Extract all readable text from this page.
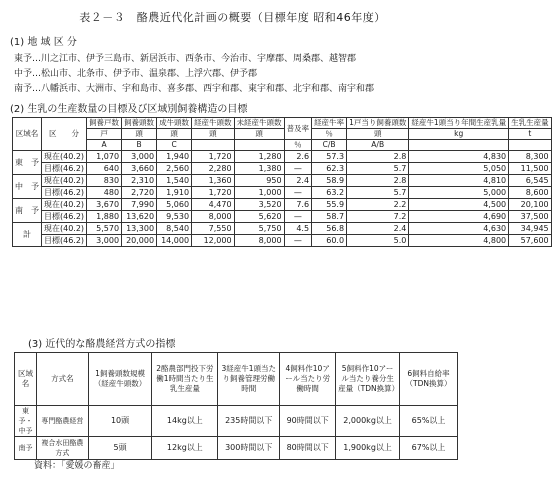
表２－３　酪農近代化計画の概要（目標年度 昭和46年度）
(1) 地 域 区 分
東予…川之江市、伊予三島市、新居浜市、西条市、今治市、宇摩郡、周桑郡、越智郡
中予…松山市、北条市、伊予市、温泉郡、上浮穴郡、伊予郡
南予…八幡浜市、大洲市、宇和島市、喜多郡、西宇和郡、東宇和郡、北宇和郡、南宇和郡
(2) 生乳の生産数量の目標及び区域別飼養構造の目標
区域名	区　　分	飼養戸数	飼養頭数	成牛頭数	経産牛頭数	未経産牛頭数	普及率	経産牛率	1戸当り飼養頭数	経産牛1頭当り年間生産乳量	生乳生産量
		戸	頭	頭	頭	頭		％	頭	kg	t
		A	B	C			％	C/B	A/B		
東　予	現在(40.2)	1,070	3,000	1,940	1,720	1,280	2.6	57.3	2.8	4,830	8,300
	目標(46.2)	640	3,660	2,560	2,280	1,380	—	62.3	5.7	5,050	11,500
中　予	現在(40.2)	830	2,310	1,540	1,360	950	2.4	58.9	2.8	4,810	6,545
	目標(46.2)	480	2,720	1,910	1,720	1,000	—	63.2	5.7	5,000	8,600
南　予	現在(40.2)	3,670	7,990	5,060	4,470	3,520	7.6	55.9	2.2	4,500	20,100
	目標(46.2)	1,880	13,620	9,530	8,000	5,620	—	58.7	7.2	4,690	37,500
計	現在(40.2)	5,570	13,300	8,540	7,550	5,750	4.5	56.8	2.4	4,630	34,945
	目標(46.2)	3,000	20,000	14,000	12,000	8,000	—	60.0	5.0	4,800	57,600
(3) 近代的な酪農経営方式の指標
区域名	方式名	1飼養頭数規模（経産牛頭数）	2酪農部門投下労働1時間当たり生乳生産量	3経産牛1頭当たり飼養管理労働時間	4飼料作10アール当たり労働時間	5飼料作10アール当たり養分生産量（TDN換算）	6飼料自給率（TDN換算）
東予・中予	専門酪農経営	10頭	14kg以上	235時間以下	90時間以下	2,000kg以上	65%以上
南予	複合水田酪農方式	5頭	12kg以上	300時間以下	80時間以下	1,900kg以上	67%以上
資料：「愛媛の畜産」
